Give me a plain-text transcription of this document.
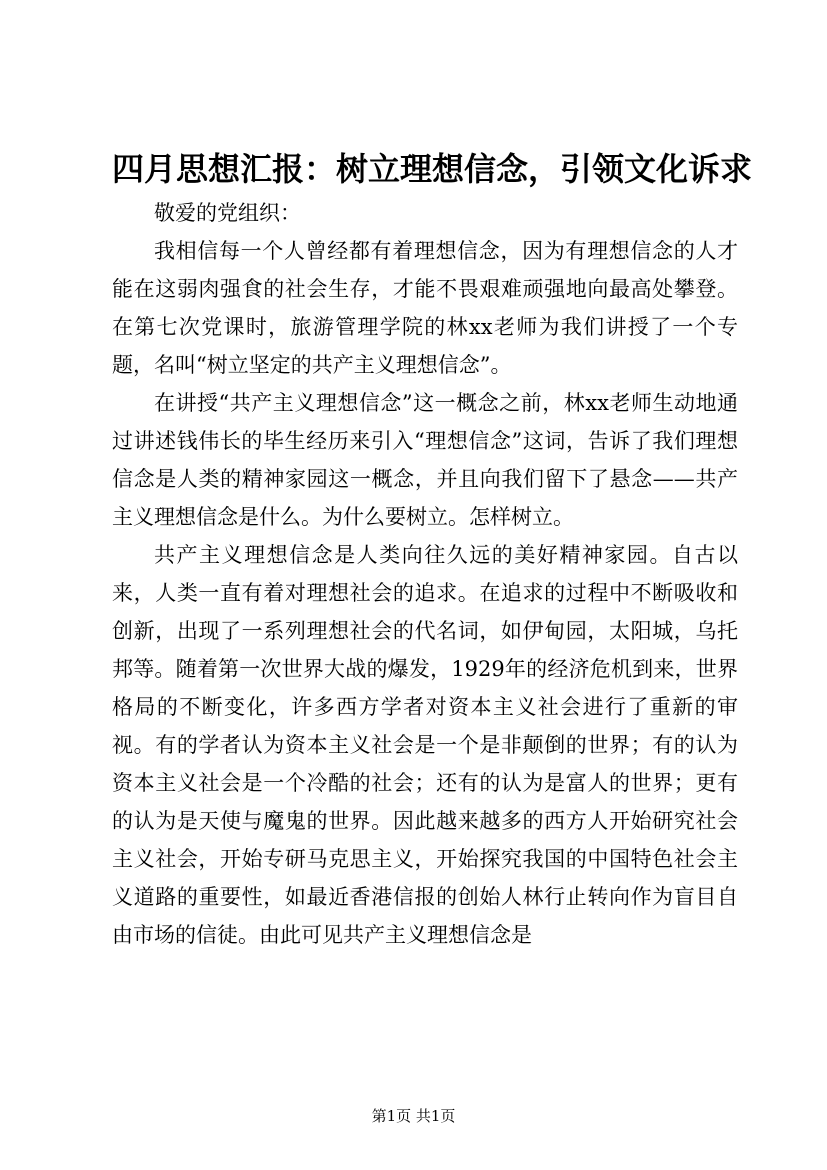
四月思想汇报：树立理想信念，引领文化诉求

敬爱的党组织：

我相信每一个人曾经都有着理想信念，因为有理想信念的人才能在这弱肉强食的社会生存，才能不畏艰难顽强地向最高处攀登。在第七次党课时，旅游管理学院的林xx老师为我们讲授了一个专题，名叫“树立坚定的共产主义理想信念”。

在讲授“共产主义理想信念”这一概念之前，林xx老师生动地通过讲述钱伟长的毕生经历来引入“理想信念”这词，告诉了我们理想信念是人类的精神家园这一概念，并且向我们留下了悬念——共产主义理想信念是什么。为什么要树立。怎样树立。

共产主义理想信念是人类向往久远的美好精神家园。自古以来，人类一直有着对理想社会的追求。在追求的过程中不断吸收和创新，出现了一系列理想社会的代名词，如伊甸园，太阳城，乌托邦等。随着第一次世界大战的爆发，1929年的经济危机到来，世界格局的不断变化，许多西方学者对资本主义社会进行了重新的审视。有的学者认为资本主义社会是一个是非颠倒的世界；有的认为资本主义社会是一个冷酷的社会；还有的认为是富人的世界；更有的认为是天使与魔鬼的世界。因此越来越多的西方人开始研究社会主义社会，开始专研马克思主义，开始探究我国的中国特色社会主义道路的重要性，如最近香港信报的创始人林行止转向作为盲目自由市场的信徒。由此可见共产主义理想信念是

第1页 共1页
